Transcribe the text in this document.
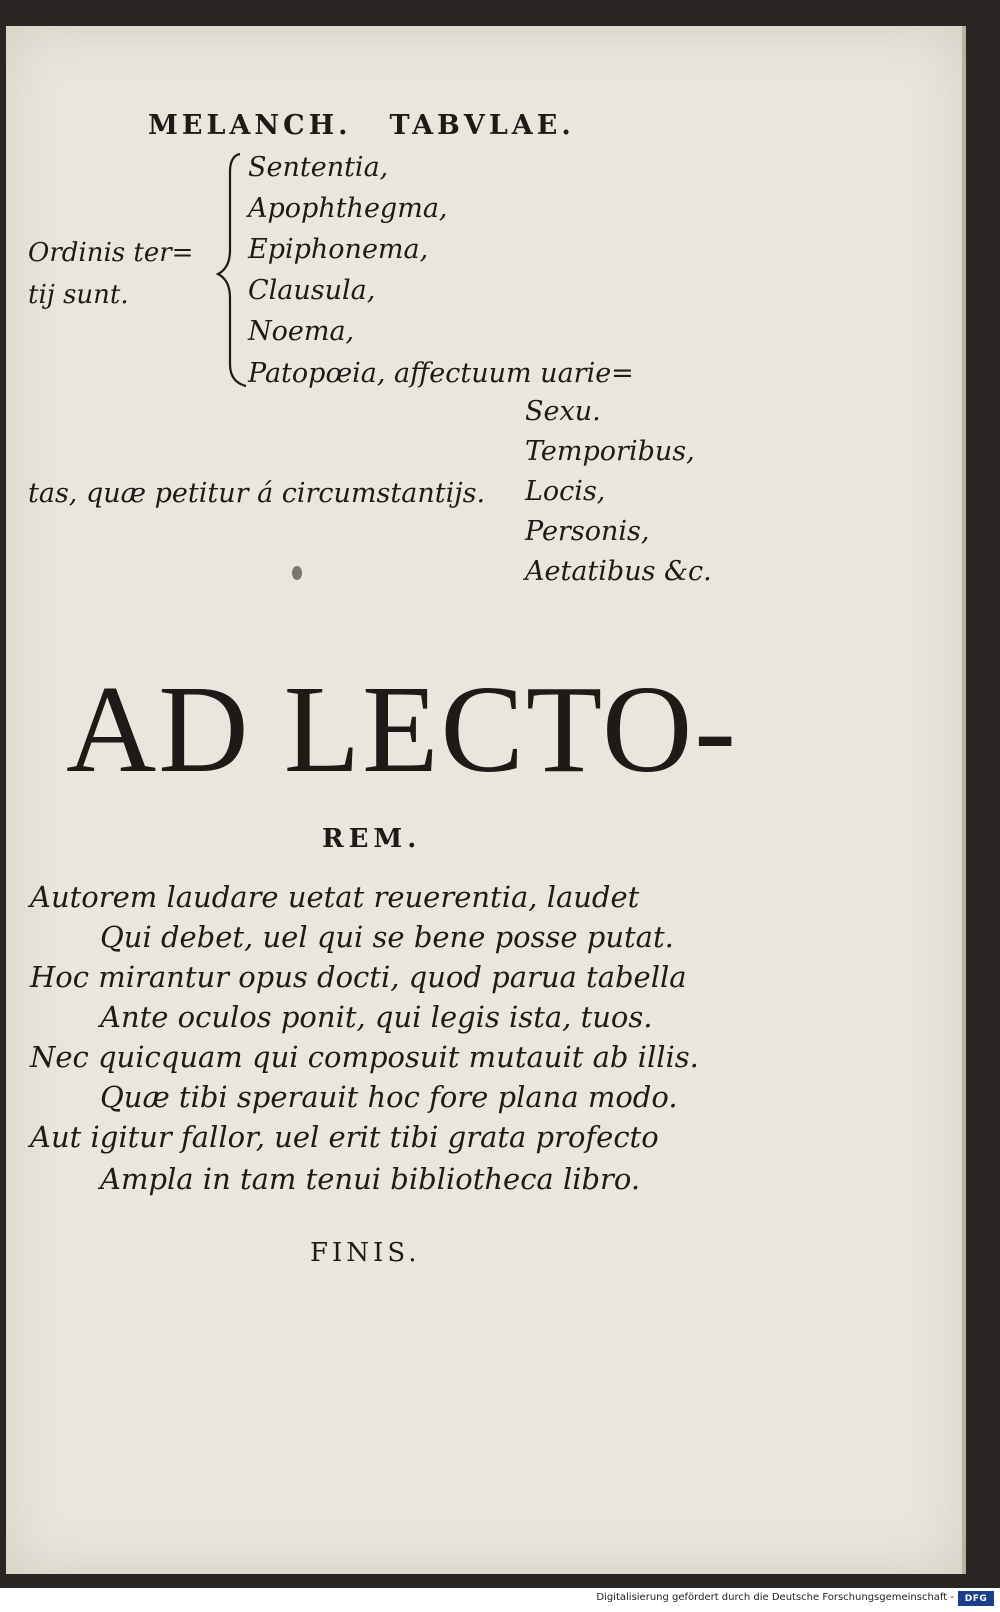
MELANCH. TABVLAE.
Sententia,
Apophthegma,
Epiphonema,
Clausula,
Noema,
Patopœia, affectuum uarie=
Ordinis ter=
tij sunt.
Sexu.
Temporibus,
Locis,
Personis,
Aetatibus &c.
tas, quæ petitur á circumstantijs.
AD LECTO-
REM.
Autorem laudare uetat reuerentia, laudet
Qui debet, uel qui se bene posse putat.
Hoc mirantur opus docti, quod parua tabella
Ante oculos ponit, qui legis ista, tuos.
Nec quicquam qui composuit mutauit ab illis.
Quæ tibi sperauit hoc fore plana modo.
Aut igitur fallor, uel erit tibi grata profecto
Ampla in tam tenui bibliotheca libro.
FINIS.
Digitalisierung gefördert durch die Deutsche Forschungsgemeinschaft -	DFG
